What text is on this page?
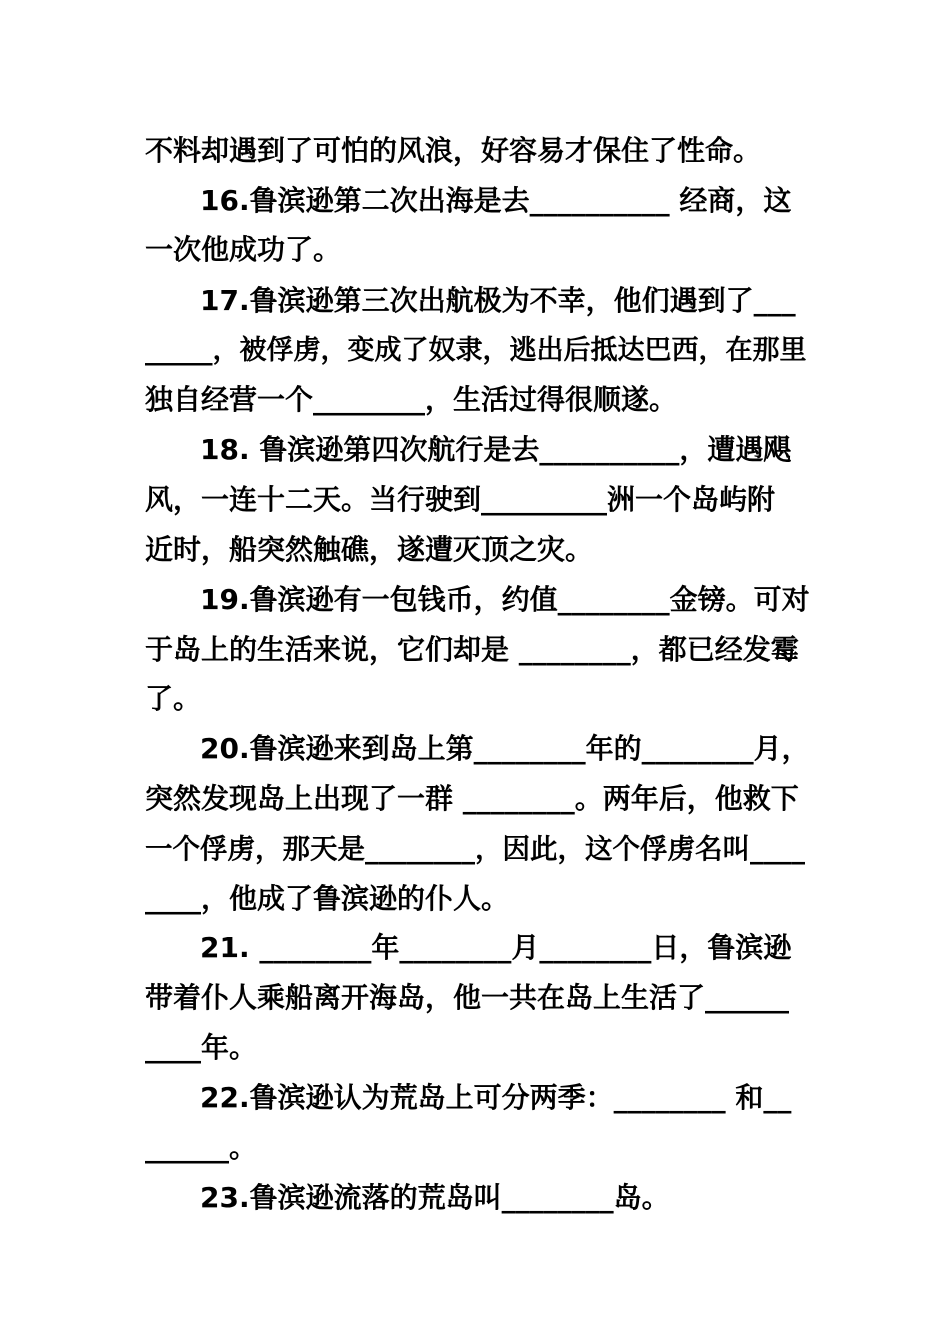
不料却遇到了可怕的风浪，好容易才保住了性命。
16.鲁滨逊第二次出海是去__________ 经商，这
一次他成功了。
17.鲁滨逊第三次出航极为不幸，他们遇到了___
_____，被俘虏，变成了奴隶，逃出后抵达巴西，在那里
独自经营一个________，生活过得很顺遂。
18. 鲁滨逊第四次航行是去__________，遭遇飓
风，一连十二天。当行驶到_________洲一个岛屿附
近时，船突然触礁，遂遭灭顶之灾。
19.鲁滨逊有一包钱币，约值________金镑。可对
于岛上的生活来说，它们却是 ________，都已经发霉
了。
20.鲁滨逊来到岛上第________年的________月，
突然发现岛上出现了一群 ________。两年后，他救下
一个俘虏，那天是________，因此，这个俘虏名叫____
____，他成了鲁滨逊的仆人。
21. ________年________月________日，鲁滨逊
带着仆人乘船离开海岛，他一共在岛上生活了______
____年。
22.鲁滨逊认为荒岛上可分两季：________ 和__
______。
23.鲁滨逊流落的荒岛叫________岛。
